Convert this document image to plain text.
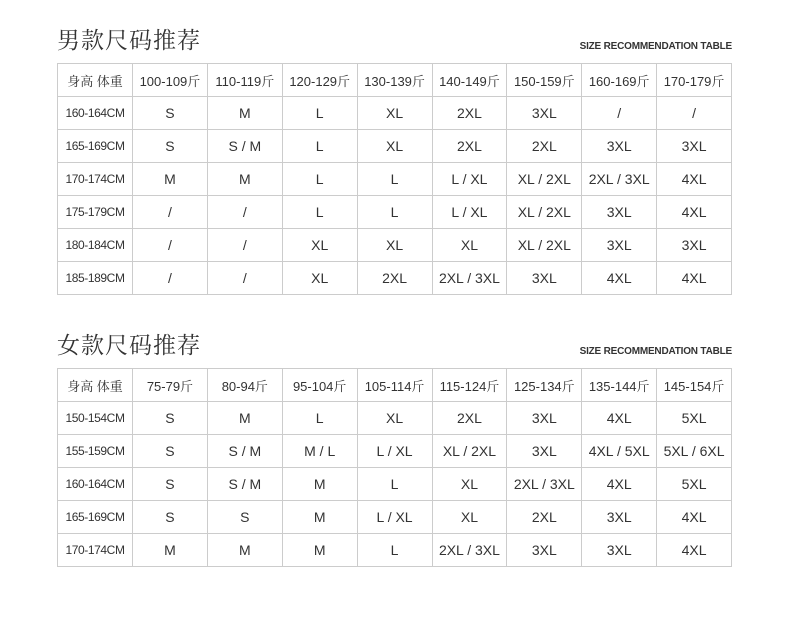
男款尺码推荐	SIZE RECOMMENDATION TABLE
身高 体重	100-109斤	110-119斤	120-129斤	130-139斤	140-149斤	150-159斤	160-169斤	170-179斤
160-164CM	S	M	L	XL	2XL	3XL	/	/
165-169CM	S	S / M	L	XL	2XL	2XL	3XL	3XL
170-174CM	M	M	L	L	L / XL	XL / 2XL	2XL / 3XL	4XL
175-179CM	/	/	L	L	L / XL	XL / 2XL	3XL	4XL
180-184CM	/	/	XL	XL	XL	XL / 2XL	3XL	3XL
185-189CM	/	/	XL	2XL	2XL / 3XL	3XL	4XL	4XL
女款尺码推荐	SIZE RECOMMENDATION TABLE
身高 体重	75-79斤	80-94斤	95-104斤	105-114斤	115-124斤	125-134斤	135-144斤	145-154斤
150-154CM	S	M	L	XL	2XL	3XL	4XL	5XL
155-159CM	S	S / M	M / L	L / XL	XL / 2XL	3XL	4XL / 5XL	5XL / 6XL
160-164CM	S	S / M	M	L	XL	2XL / 3XL	4XL	5XL
165-169CM	S	S	M	L / XL	XL	2XL	3XL	4XL
170-174CM	M	M	M	L	2XL / 3XL	3XL	3XL	4XL
